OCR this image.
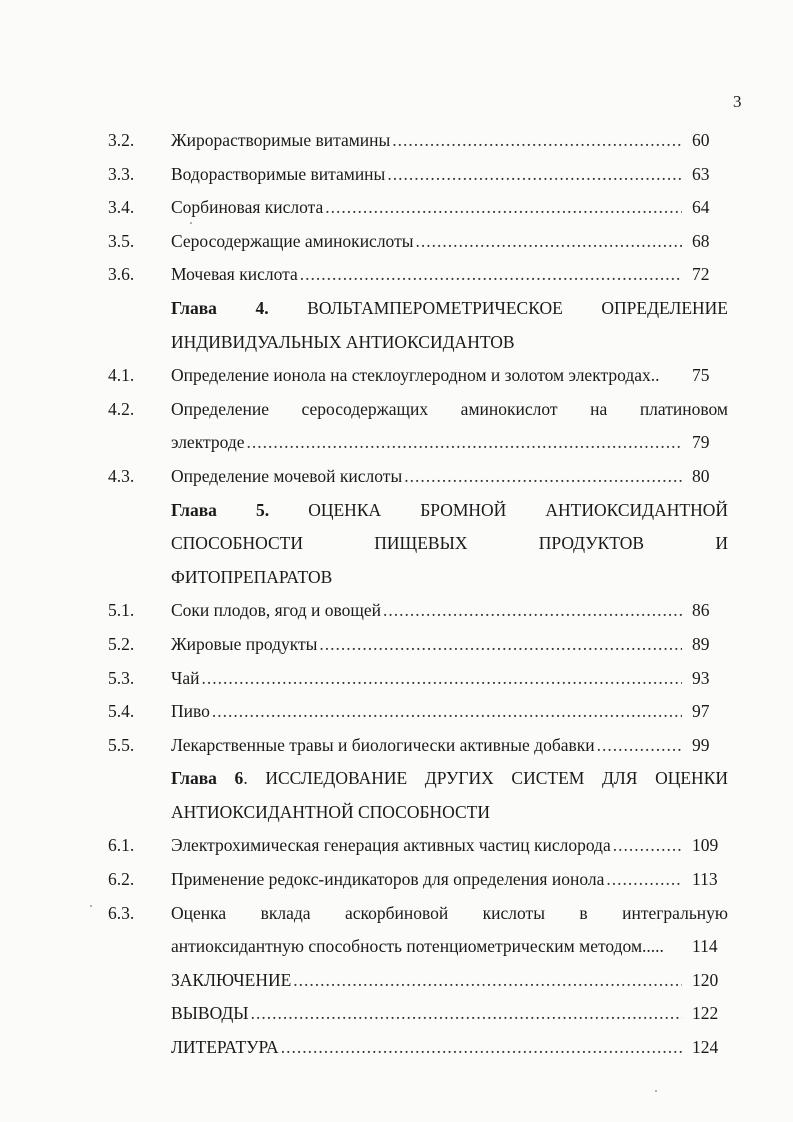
3
3.2.	Жирорастворимые витамины .....	60
3.3.	Водорастворимые витамины .....	63
3.4.	Сорбиновая кислота .....	64
3.5.	Серосодержащие аминокислоты .....	68
3.6.	Мочевая кислота .....	72
Глава 4. ВОЛЬТАМПЕРОМЕТРИЧЕСКОЕ ОПРЕДЕЛЕНИЕ
ИНДИВИДУАЛЬНЫХ АНТИОКСИДАНТОВ
4.1.	Определение ионола на стеклоуглеродном и золотом электродах.. 75
4.2.	Определение серосодержащих аминокислот на платиновом
электроде .....	79
4.3.	Определение мочевой кислоты .....	80
Глава 5. ОЦЕНКА БРОМНОЙ АНТИОКСИДАНТНОЙ
СПОСОБНОСТИ ПИЩЕВЫХ ПРОДУКТОВ И
ФИТОПРЕПАРАТОВ
5.1.	Соки плодов, ягод и овощей .....	86
5.2.	Жировые продукты .....	89
5.3.	Чай .....	93
5.4.	Пиво .....	97
5.5.	Лекарственные травы и биологически активные добавки .....	99
Глава 6. ИССЛЕДОВАНИЕ ДРУГИХ СИСТЕМ ДЛЯ ОЦЕНКИ
АНТИОКСИДАНТНОЙ СПОСОБНОСТИ
6.1.	Электрохимическая генерация активных частиц кислорода .....	109
6.2.	Применение редокс-индикаторов для определения ионола .....	113
6.3.	Оценка вклада аскорбиновой кислоты в интегральную
антиоксидантную способность потенциометрическим методом..... 114
ЗАКЛЮЧЕНИЕ .....	120
ВЫВОДЫ .....	122
ЛИТЕРАТУРА .....	124
